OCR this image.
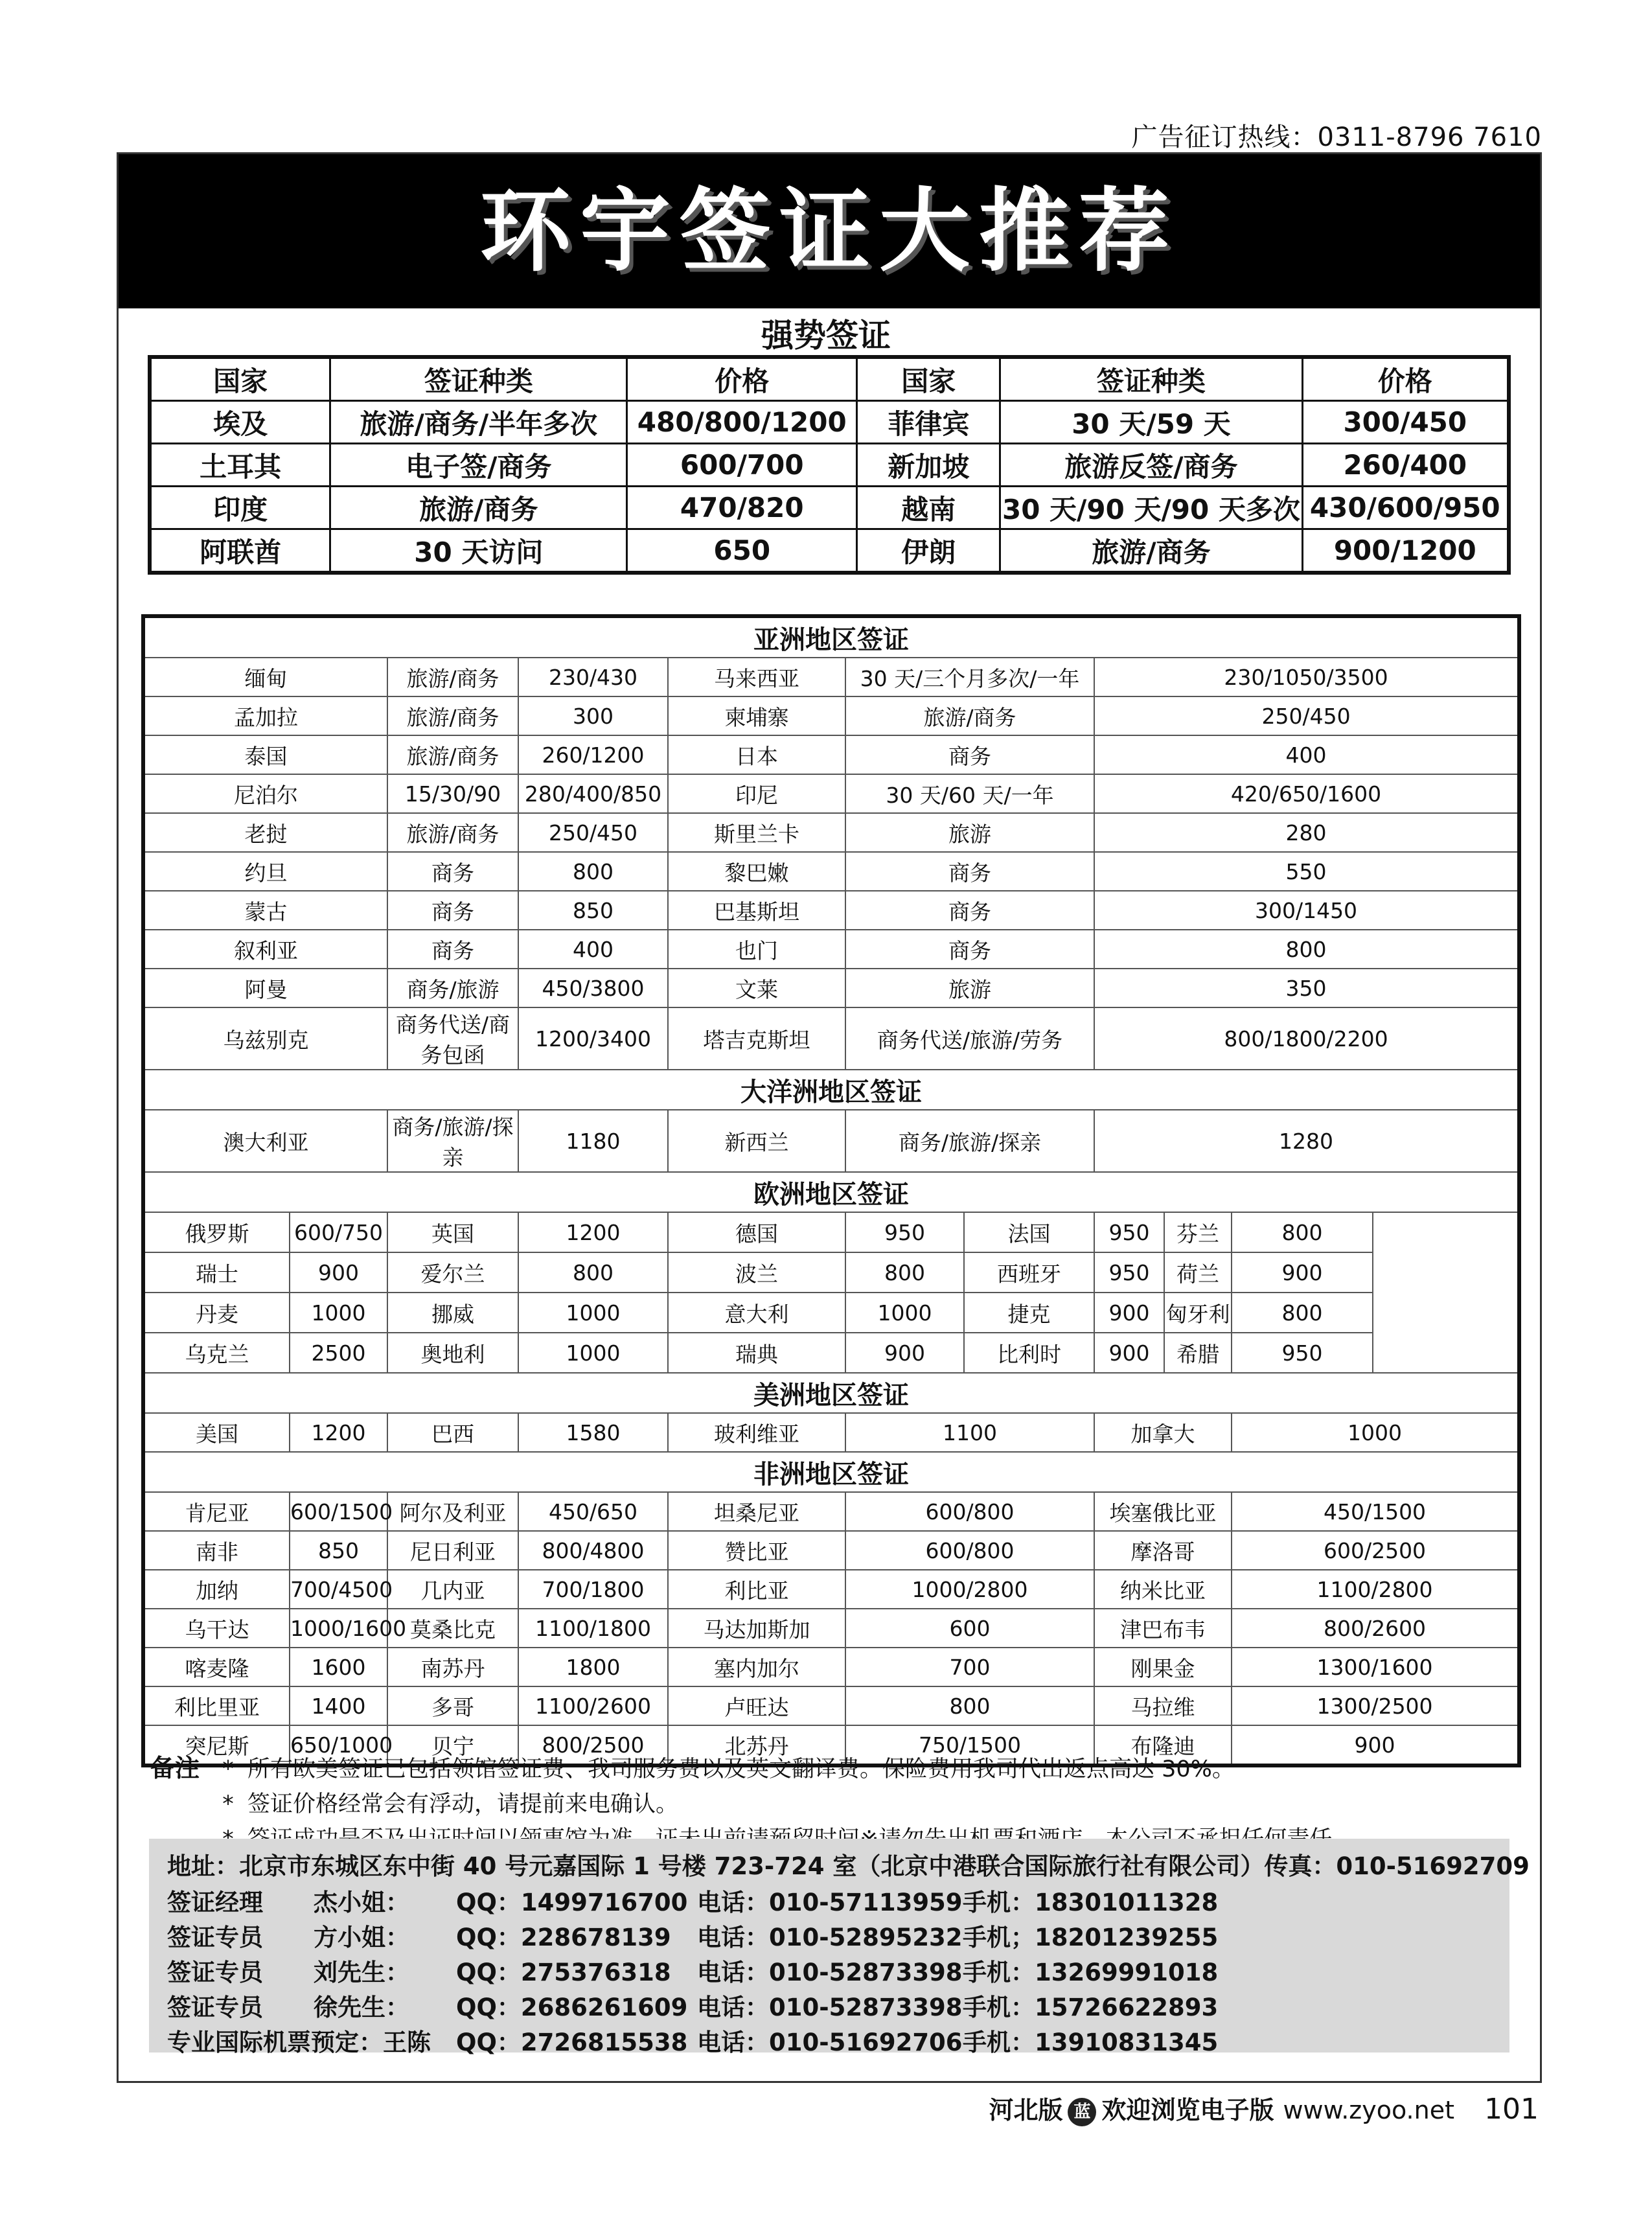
广告征订热线：0311-8796 7610
环宇签证大推荐
强势签证
国家	签证种类	价格	国家	签证种类	价格
埃及	旅游/商务/半年多次	480/800/1200	菲律宾	30 天/59 天	300/450
土耳其	电子签/商务	600/700	新加坡	旅游反签/商务	260/400
印度	旅游/商务	470/820	越南	30 天/90 天/90 天多次	430/600/950
阿联酋	30 天访问	650	伊朗	旅游/商务	900/1200
亚洲地区签证									
缅甸		旅游/商务	230/430	马来西亚	30 天/三个月多次/一年		230/1050/3500		
孟加拉		旅游/商务	300	柬埔寨	旅游/商务		250/450		
泰国		旅游/商务	260/1200	日本	商务		400		
尼泊尔		15/30/90	280/400/850	印尼	30 天/60 天/一年		420/650/1600		
老挝		旅游/商务	250/450	斯里兰卡	旅游		280		
约旦		商务	800	黎巴嫩	商务		550		
蒙古		商务	850	巴基斯坦	商务		300/1450		
叙利亚		商务	400	也门	商务		800		
阿曼		商务/旅游	450/3800	文莱	旅游		350		
乌兹别克		商务代送/商务包函	1200/3400	塔吉克斯坦	商务代送/旅游/劳务		800/1800/2200		
大洋洲地区签证									
澳大利亚		商务/旅游/探亲	1180	新西兰	商务/旅游/探亲		1280		
欧洲地区签证									
俄罗斯	600/750	英国	1200	德国	950	法国	950	芬兰	800
瑞士	900	爱尔兰	800	波兰	800	西班牙	950	荷兰	900
丹麦	1000	挪威	1000	意大利	1000	捷克	900	匈牙利	800
乌克兰	2500	奥地利	1000	瑞典	900	比利时	900	希腊	950
美洲地区签证									
美国	1200	巴西	1580	玻利维亚	1100		加拿大		1000
非洲地区签证									
肯尼亚	600/1500	阿尔及利亚	450/650	坦桑尼亚	600/800		埃塞俄比亚		450/1500
南非	850	尼日利亚	800/4800	赞比亚	600/800		摩洛哥		600/2500
加纳	700/4500	几内亚	700/1800	利比亚	1000/2800		纳米比亚		1100/2800
乌干达	1000/1600	莫桑比克	1100/1800	马达加斯加	600		津巴布韦		800/2600
喀麦隆	1600	南苏丹	1800	塞内加尔	700		刚果金		1300/1600
利比里亚	1400	多哥	1100/2600	卢旺达	800		马拉维		1300/2500
突尼斯	650/1000	贝宁	800/2500	北苏丹	750/1500		布隆迪		900
备注 * 所有欧美签证已包括领馆签证费、我司服务费以及英文翻译费。保险费用我司代出返点高达 30%。
* 签证价格经常会有浮动，请提前来电确认。
地址：北京市东城区东中街 40 号元嘉国际 1 号楼 723-724 室（北京中港联合国际旅行社有限公司）传真：010-51692709
签证经理 杰小姐： QQ：1499716700 电话：010-57113959 手机：18301011328
签证专员 方小姐： QQ：228678139 电话：010-52895232 手机；18201239255
签证专员 刘先生： QQ：275376318 电话：010-52873398 手机：13269991018
签证专员 徐先生： QQ：2686261609 电话：010-52873398 手机：15726622893
专业国际机票预定：王陈 QQ：2726815538 电话：010-51692706 手机：13910831345
河北版 蓝 欢迎浏览电子版 www.zyoo.net 101
